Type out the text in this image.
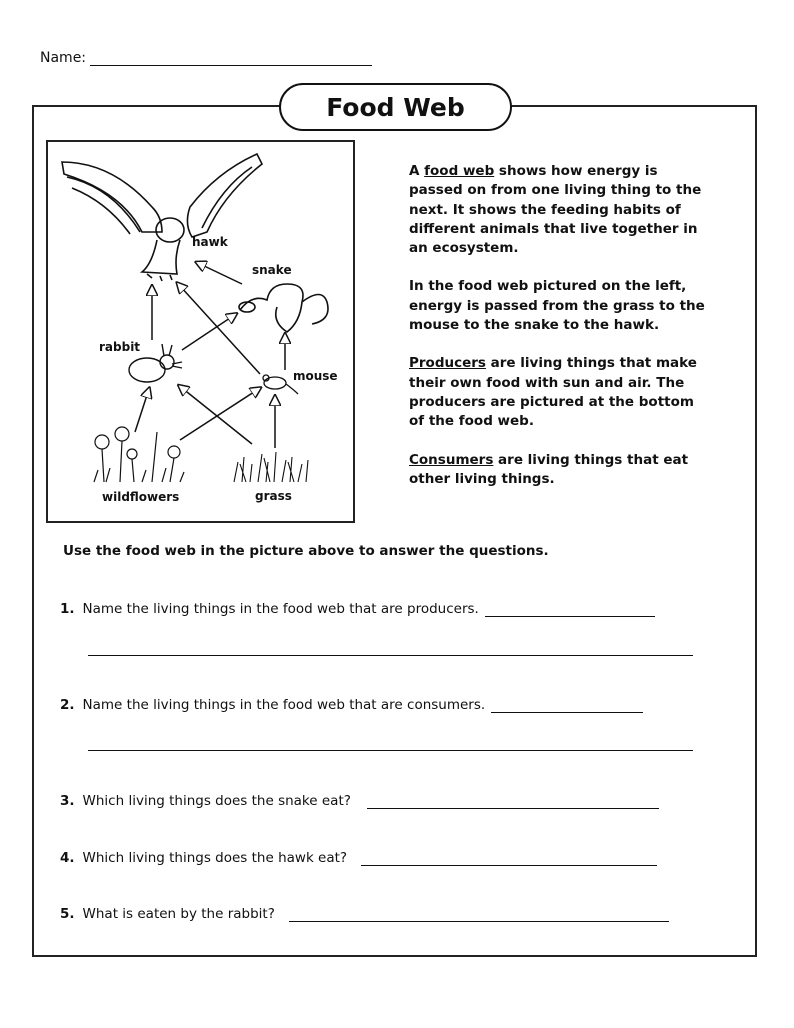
Name:
Food Web
hawk
snake
rabbit
mouse
wildflowers	grass

A food web shows how energy is passed on from one living thing to the next. It shows the feeding habits of different animals that live together in an ecosystem.

In the food web pictured on the left, energy is passed from the grass to the mouse to the snake to the hawk.

Producers are living things that make their own food with sun and air. The producers are pictured at the bottom of the food web.

Consumers are living things that eat other living things.

Use the food web in the picture above to answer the questions.
1. Name the living things in the food web that are producers.
2. Name the living things in the food web that are consumers.
3. Which living things does the snake eat?
4. Which living things does the hawk eat?
5. What is eaten by the rabbit?
